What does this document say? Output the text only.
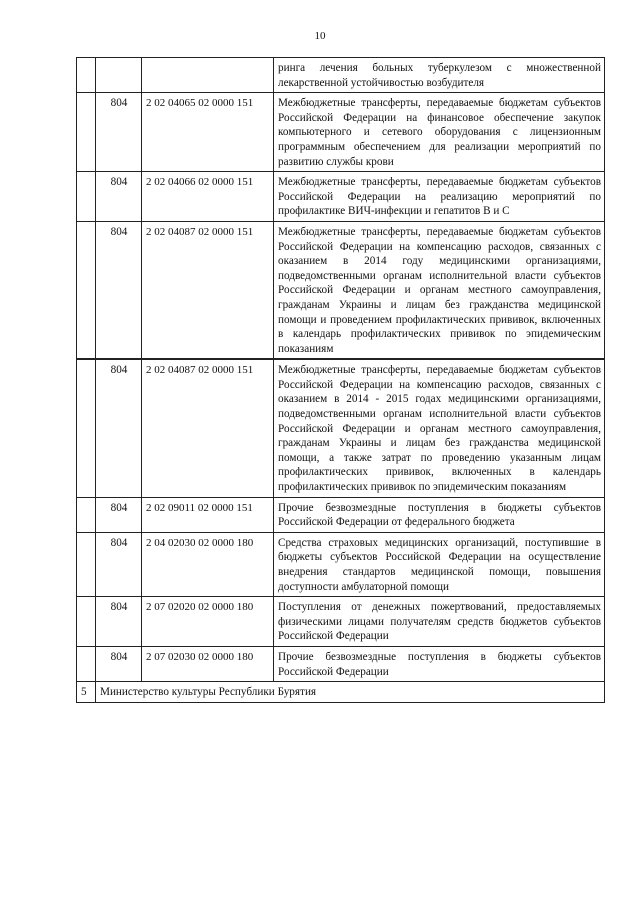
10
			ринга лечения больных туберкулезом с множественной лекарственной устойчивостью возбудителя
	804	2 02 04065 02 0000 151	Межбюджетные трансферты, передаваемые бюджетам субъектов Российской Федерации на финансовое обеспечение закупок компьютерного и сетевого оборудования с лицензионным программным обеспечением для реализации мероприятий по развитию службы крови
	804	2 02 04066 02 0000 151	Межбюджетные трансферты, передаваемые бюджетам субъектов Российской Федерации на реализацию мероприятий по профилактике ВИЧ-инфекции и гепатитов В и С
	804	2 02 04087 02 0000 151	Межбюджетные трансферты, передаваемые бюджетам субъектов Российской Федерации на компенсацию расходов, связанных с оказанием в 2014 году медицинскими организациями, подведомственными органам исполнительной власти субъектов Российской Федерации и органам местного самоуправления, гражданам Украины и лицам без гражданства медицинской помощи и проведением профилактических прививок, включенных в календарь профилактических прививок по эпидемическим показаниям
	804	2 02 04087 02 0000 151	Межбюджетные трансферты, передаваемые бюджетам субъектов Российской Федерации на компенсацию расходов, связанных с оказанием в 2014 - 2015 годах медицинскими организациями, подведомственными органам исполнительной власти субъектов Российской Федерации и органам местного самоуправления, гражданам Украины и лицам без гражданства медицинской помощи, а также затрат по проведению указанным лицам профилактических прививок, включенных в календарь профилактических прививок по эпидемическим показаниям
	804	2 02 09011 02 0000 151	Прочие безвозмездные поступления в бюджеты субъектов Российской Федерации от федерального бюджета
	804	2 04 02030 02 0000 180	Средства страховых медицинских организаций, поступившие в бюджеты субъектов Российской Федерации на осуществление внедрения стандартов медицинской помощи, повышения доступности амбулаторной помощи
	804	2 07 02020 02 0000 180	Поступления от денежных пожертвований, предоставляемых физическими лицами получателям средств бюджетов субъектов Российской Федерации
	804	2 07 02030 02 0000 180	Прочие безвозмездные поступления в бюджеты субъектов Российской Федерации
5	Министерство культуры Республики Бурятия		
